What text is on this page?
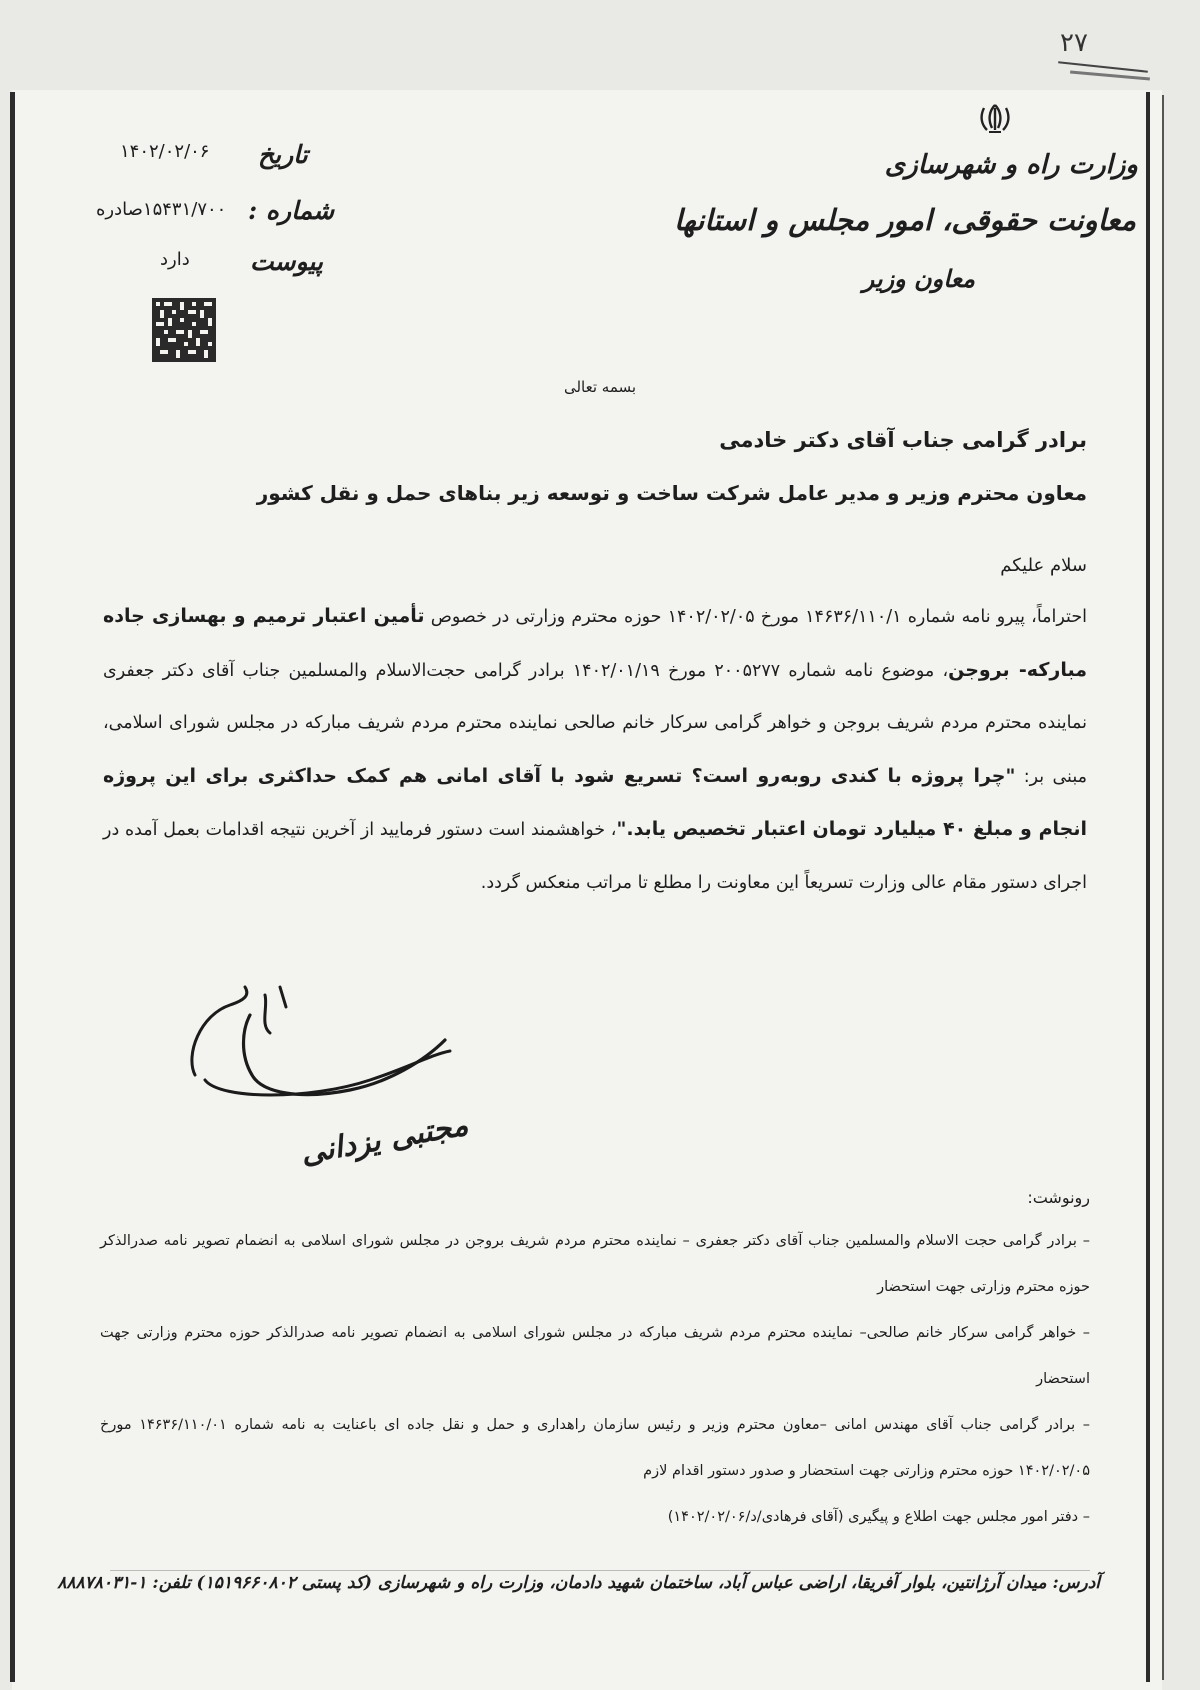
۲۷
وزارت راه و شهرسازی
معاونت حقوقی، امور مجلس و استانها
معاون وزیر
تاریخ
۱۴۰۲/۰۲/۰۶
شماره :
۱۵۴۳۱/۷۰۰صادره
پیوست
دارد
بسمه تعالی
برادر گرامی جناب آقای دکتر خادمی
معاون محترم وزیر و مدیر عامل شرکت ساخت و توسعه زیر بناهای حمل و نقل کشور
سلام علیکم
احتراماً، پیرو نامه شماره ۱۴۶۳۶/۱۱۰/۱ مورخ ۱۴۰۲/۰۲/۰۵ حوزه محترم وزارتی در خصوص تأمین اعتبار ترمیم و بهسازی جاده مبارکه- بروجن، موضوع نامه شماره ۲۰۰۵۲۷۷ مورخ ۱۴۰۲/۰۱/۱۹ برادر گرامی حجت‌الاسلام والمسلمین جناب آقای دکتر جعفری نماینده محترم مردم شریف بروجن و خواهر گرامی سرکار خانم صالحی نماینده محترم مردم شریف مبارکه در مجلس شورای اسلامی، مبنی بر: "چرا پروژه با کندی روبه‌رو است؟ تسریع شود با آقای امانی هم کمک حداکثری برای این پروژه انجام و مبلغ ۴۰ میلیارد تومان اعتبار تخصیص یابد."، خواهشمند است دستور فرمایید از آخرین نتیجه اقدامات بعمل آمده در اجرای دستور مقام عالی وزارت تسریعاً این معاونت را مطلع تا مراتب منعکس گردد.
مجتبی یزدانی
رونوشت:
– برادر گرامی حجت الاسلام والمسلمین جناب آقای دکتر جعفری – نماینده محترم مردم شریف بروجن در مجلس شورای اسلامی به انضمام تصویر نامه صدرالذکر حوزه محترم وزارتی جهت استحضار
– خواهر گرامی سرکار خانم صالحی– نماینده محترم مردم شریف مبارکه در مجلس شورای اسلامی به انضمام تصویر نامه صدرالذکر حوزه محترم وزارتی جهت استحضار
– برادر گرامی جناب آقای مهندس امانی –معاون محترم وزیر و رئیس سازمان راهداری و حمل و نقل جاده ای باعنایت به نامه شماره ۱۴۶۳۶/۱۱۰/۰۱ مورخ ۱۴۰۲/۰۲/۰۵ حوزه محترم وزارتی جهت استحضار و صدور دستور اقدام لازم
– دفتر امور مجلس جهت اطلاع و پیگیری (آقای فرهادی/د/۱۴۰۲/۰۲/۰۶)
آدرس: میدان آرژانتین، بلوار آفریقا، اراضی عباس آباد، ساختمان شهید دادمان، وزارت راه و شهرسازی (کد پستی ۱۵۱۹۶۶۰۸۰۲) تلفن: ۱-۸۸۸۷۸۰۳۱
